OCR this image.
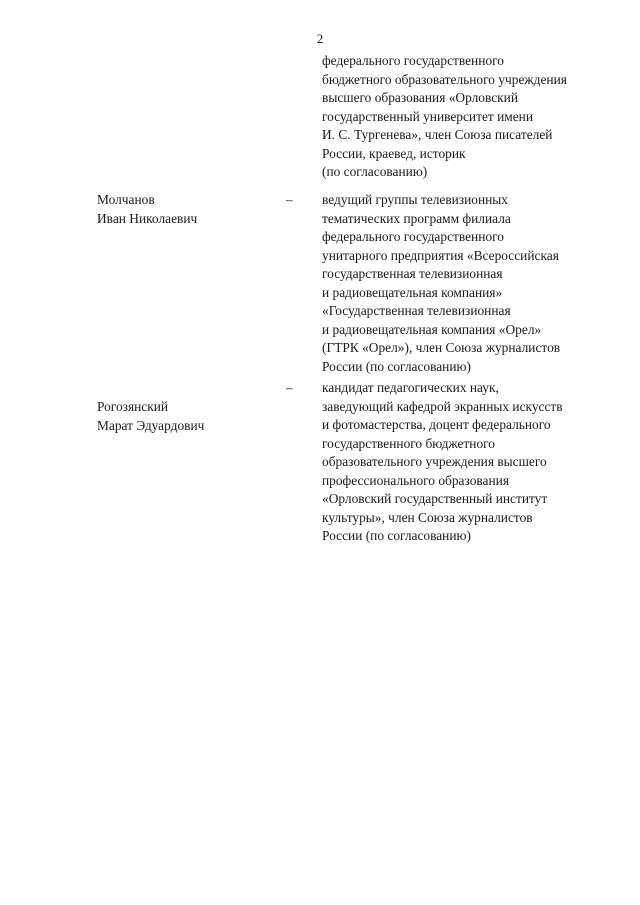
2
федерального государственного
бюджетного образовательного учреждения
высшего образования «Орловский
государственный университет имени
И. С. Тургенева», член Союза писателей
России, краевед, историк
(по согласованию)
Молчанов
Иван Николаевич
–	ведущий группы телевизионных
тематических программ филиала
федерального государственного
унитарного предприятия «Всероссийская
государственная телевизионная
и радиовещательная компания»
«Государственная телевизионная
и радиовещательная компания «Орел»
(ГТРК «Орел»), член Союза журналистов
России (по согласованию)
Рогозянский
Марат Эдуардович
–	кандидат педагогических наук,
заведующий кафедрой экранных искусств
и фотомастерства, доцент федерального
государственного бюджетного
образовательного учреждения высшего
профессионального образования
«Орловский государственный институт
культуры», член Союза журналистов
России (по согласованию)
